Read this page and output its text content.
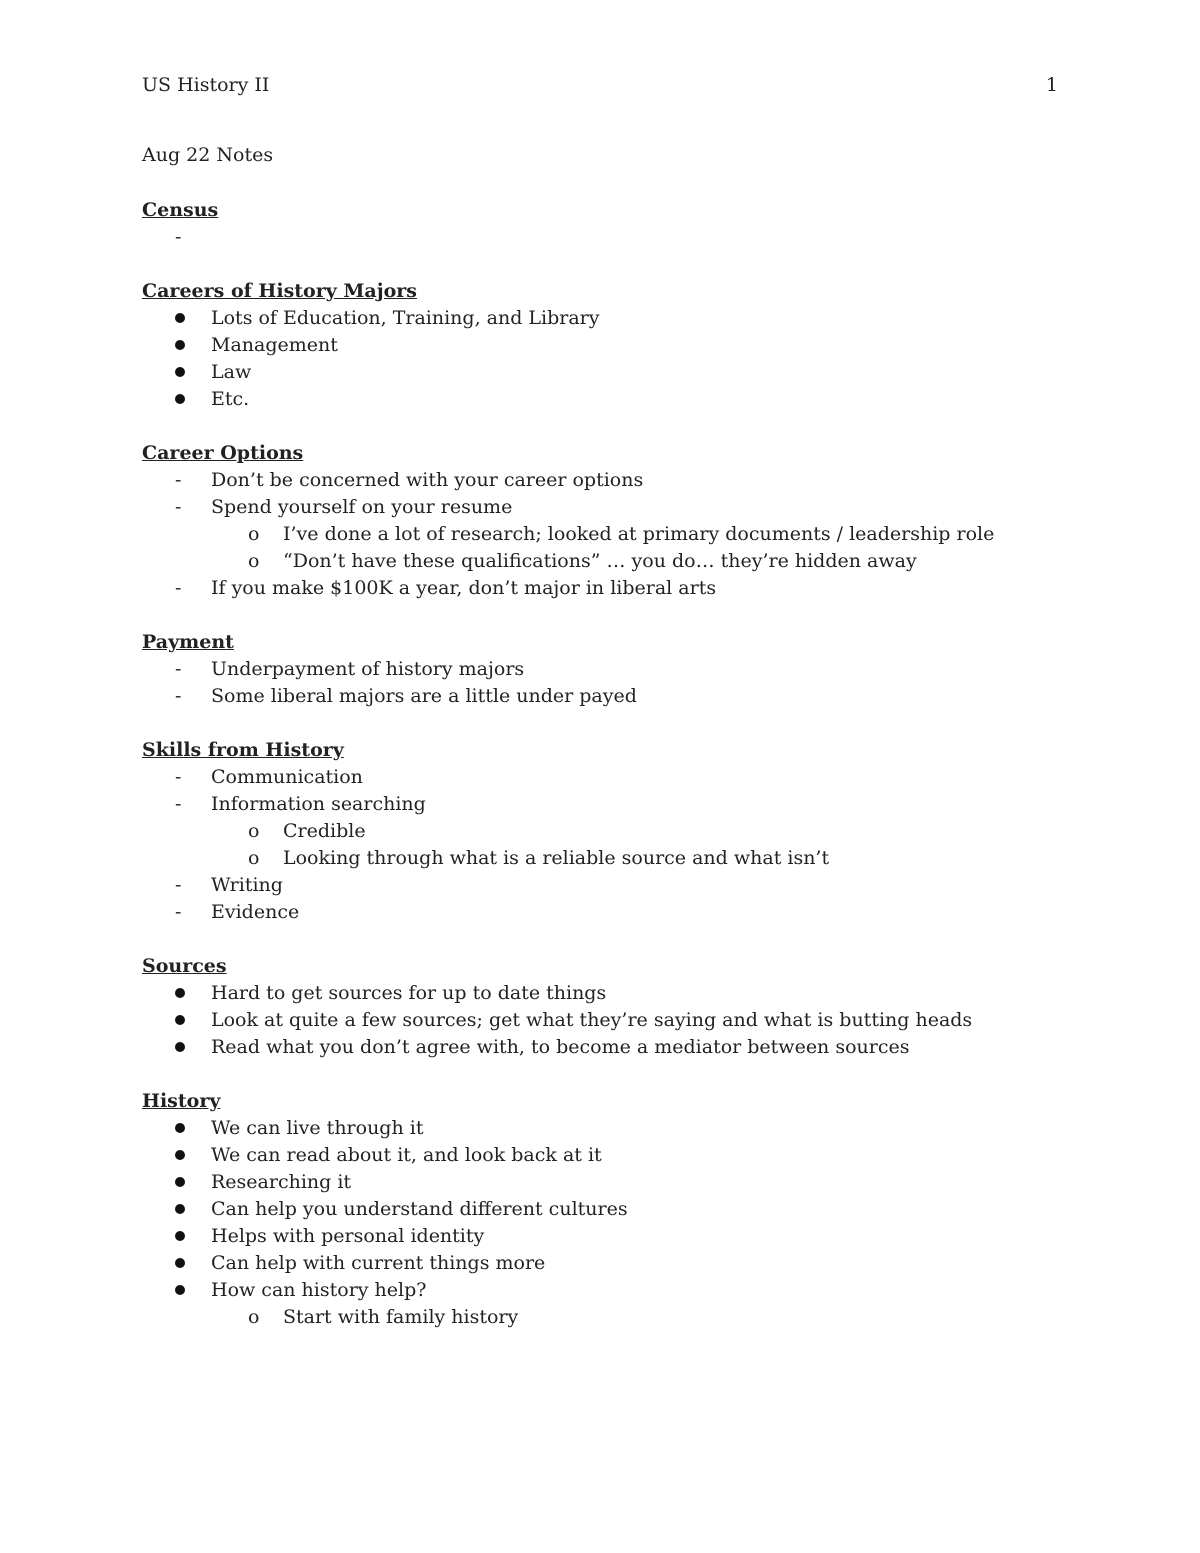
US History II	1
Aug 22 Notes
Census
-
Careers of History Majors
Lots of Education, Training, and Library
Management
Law
Etc.
Career Options
- Don’t be concerned with your career options
- Spend yourself on your resume
o I’ve done a lot of research; looked at primary documents / leadership role
o “Don’t have these qualifications” … you do… they’re hidden away
- If you make $100K a year, don’t major in liberal arts
Payment
- Underpayment of history majors
- Some liberal majors are a little under payed
Skills from History
- Communication
- Information searching
o Credible
o Looking through what is a reliable source and what isn’t
- Writing
- Evidence
Sources
Hard to get sources for up to date things
Look at quite a few sources; get what they’re saying and what is butting heads
Read what you don’t agree with, to become a mediator between sources
History
We can live through it
We can read about it, and look back at it
Researching it
Can help you understand different cultures
Helps with personal identity
Can help with current things more
How can history help?
o Start with family history
